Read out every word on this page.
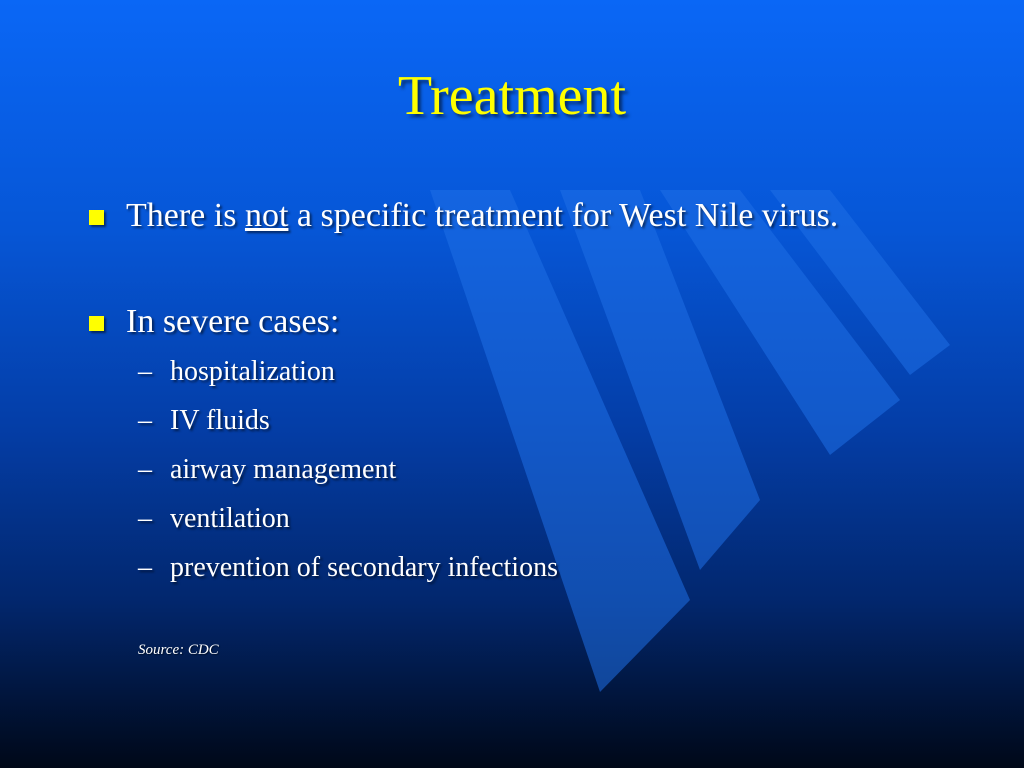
Treatment
There is not a specific treatment for West Nile virus.
In severe cases:
– hospitalization
– IV fluids
– airway management
– ventilation
– prevention of secondary infections
Source: CDC
